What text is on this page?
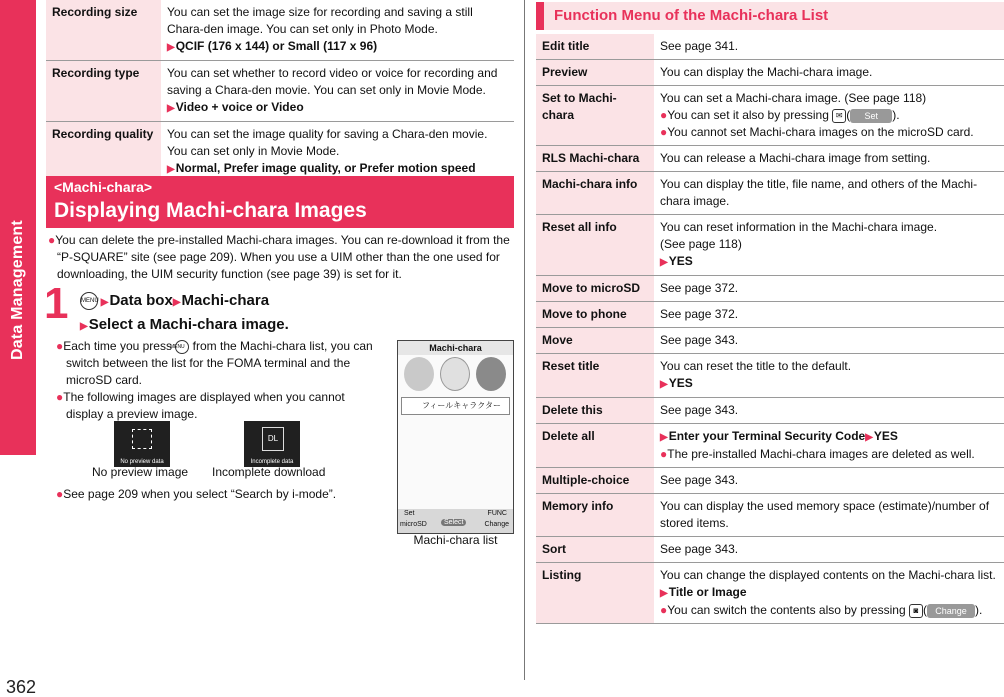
Data Management
362
Recording size	You can set the image size for recording and saving a still Chara-den image. You can set only in Photo Mode.
▶QCIF (176 x 144) or Small (117 x 96)

Recording type	You can set whether to record video or voice for recording and saving a Chara-den movie. You can set only in Movie Mode.
▶Video + voice or Video

Recording quality	You can set the image quality for saving a Chara-den movie. You can set only in Movie Mode.
▶Normal, Prefer image quality, or Prefer motion speed
<Machi-chara>
Displaying Machi-chara Images

●You can delete the pre-installed Machi-chara images. You can re-download it from the “P-SQUARE” site (see page 209). When you use a UIM other than the one used for downloading, the UIM security function (see page 39) is set for it.

1 MENU ▶Data box▶Machi-chara
▶Select a Machi-chara image.

●Each time you press MENU from the Machi-chara list, you can switch between the list for the FOMA terminal and the microSD card.

●The following images are displayed when you cannot display a preview image.

No preview data
No preview image
DL
Incomplete data
Incomplete download
●See page 209 when you select “Search by i-mode”.
Machi-chara
フィールキャラクター
Set	FUNC
microSD	Select	Change
Machi-chara list
Function Menu of the Machi-chara List
Edit title	See page 341.
Preview	You can display the Machi-chara image.
Set to Machi-chara	You can set a Machi-chara image. (See page 118)
●You can set it also by pressing ✉ ( Set ).
●You cannot set Machi-chara images on the microSD card.

RLS Machi-chara	You can release a Machi-chara image from setting.
Machi-chara info	You can display the title, file name, and others of the Machi-chara image.
Reset all info	You can reset information in the Machi-chara image.
(See page 118)
▶YES

Move to microSD	See page 372.
Move to phone	See page 372.
Move	See page 343.
Reset title	You can reset the title to the default.
▶YES

Delete this	See page 343.
Delete all	▶Enter your Terminal Security Code▶YES
●The pre-installed Machi-chara images are deleted as well.

Multiple-choice	See page 343.
Memory info	You can display the used memory space (estimate)/number of stored items.
Sort	See page 343.
Listing	You can change the displayed contents on the Machi-chara list.
▶Title or Image
●You can switch the contents also by pressing ◙ ( Change ).
